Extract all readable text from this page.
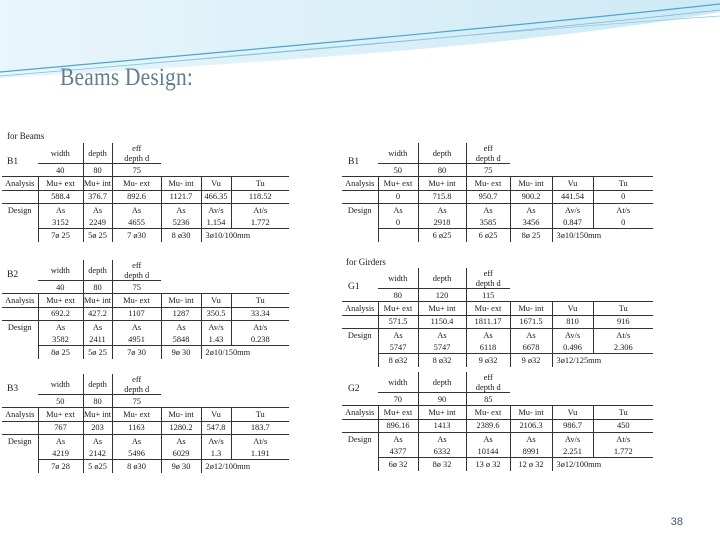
Beams Design:
for Beams
for Girders
B1
	width	depth	eff					
			depth d					
	40	80	75					
Analysis	Mu+ ext	Mu+ int	Mu- ext	Mu- int	Vu	Tu		
	588.4	376.7	892.6	1121.7	466.35	118.52		
Design	As	As	As	As	Av/s	At/s		
	3152	2249	4655	5236	1.154	1.772		
	7ø 25	5ø 25	7 ø30	8 ø30	3ø10/100mm			
B1
	width	depth	eff					
			depth d					
	50	80	75					
Analysis	Mu+ ext	Mu+ int	Mu- ext	Mu- int	Vu	Tu		
	0	715.8	950.7	900.2	441.54	0		
Design	As	As	As	As	Av/s	At/s		
	0	2918	3585	3456	0.847	0		
		6 ø25	6 ø25	8ø 25	3ø10/150mm			
B2
		width	depth	eff					
			depth d					
	40	80	75					
Analysis	Mu+ ext	Mu+ int	Mu- ext	Mu- int	Vu	Tu		
	692.2	427.2	1107	1287	350.5	33.34		
Design	As	As	As	As	Av/s	At/s		
	3582	2411	4951	5848	1.43	0.238		
	8ø 25	5ø 25	7ø 30	9ø 30	2ø10/150mm			
G1
	width	depth	eff					
			depth d					
	80	120	115					
Analysis	Mu+ ext	Mu+ int	Mu- ext	Mu- int	Vu	Tu		
	571.5	1150.4	1811.17	1671.5	810	916		
Design	As	As	As	As	Av/s	At/s		
	5747	5747	6118	6678	0.496	2.306		
	8 ø32	8 ø32	9 ø32	9 ø32	3ø12/125mm			
B3
		width	depth	eff					
			depth d					
	50	80	75					
Analysis	Mu+ ext	Mu+ int	Mu- ext	Mu- int	Vu	Tu		
	767	203	1163	1280.2	547.8	183.7		
Design	As	As	As	As	Av/s	At/s		
	4219	2142	5496	6029	1.3	1.191		
	7ø 28	5 ø25	8 ø30	9ø 30	2ø12/100mm			
G2
	width	depth	eff					
			depth d					
	70	90	85					
Analysis	Mu+ ext	Mu+ int	Mu- ext	Mu- int	Vu	Tu		
	896.16	1413	2389.6	2106.3	986.7	450		
Design	As	As	As	As	Av/s	At/s		
	4377	6332	10144	8991	2.251	1.772		
	6ø 32	8ø 32	13 ø 32	12 ø 32	3ø12/100mm			
38
